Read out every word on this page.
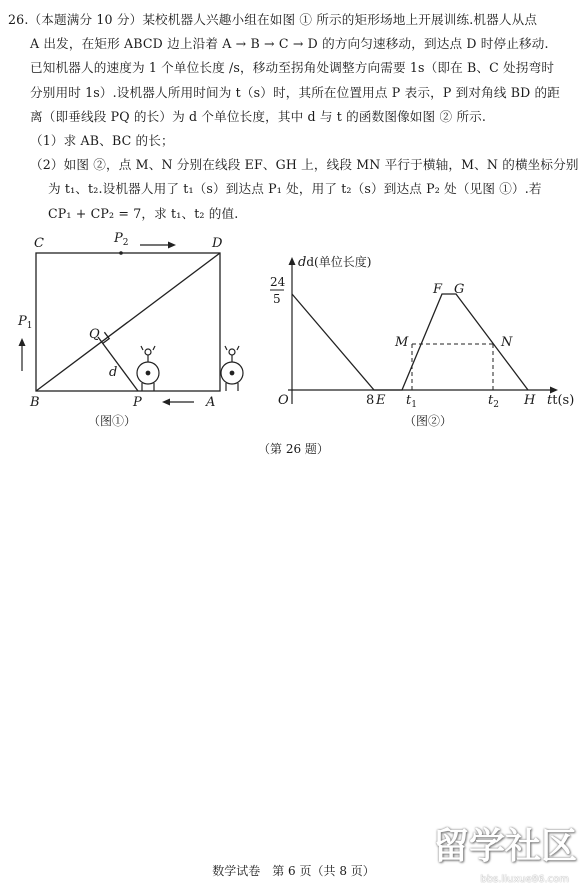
26.（本题满分 10 分）某校机器人兴趣小组在如图 ① 所示的矩形场地上开展训练.机器人从点
A 出发，在矩形 ABCD 边上沿着 A → B → C → D 的方向匀速移动，到达点 D 时停止移动.
已知机器人的速度为 1 个单位长度 /s，移动至拐角处调整方向需要 1s（即在 B、C 处拐弯时
分别用时 1s）.设机器人所用时间为 t（s）时，其所在位置用点 P 表示，P 到对角线 BD 的距
离（即垂线段 PQ 的长）为 d 个单位长度，其中 d 与 t 的函数图像如图 ② 所示.
（1）求 AB、BC 的长；
（2）如图 ②，点 M、N 分别在线段 EF、GH 上，线段 MN 平行于横轴，M、N 的横坐标分别
为 t₁、t₂.设机器人用了 t₁（s）到达点 P₁ 处，用了 t₂（s）到达点 P₂ 处（见图 ①）.若
CP₁ + CP₂ = 7，求 t₁、t₂ 的值.
C	D
B	A
P
Q
d
$P_1$
$P_2$
（图①）
dd(单位长度)
24
5
O	8 E $t_1$	$t_2$ H tt(s)
F G
M	N
（图②）
（第 26 题）
数学试卷　第 6 页（共 8 页）
留学社区
bbs.liuxue86.com
